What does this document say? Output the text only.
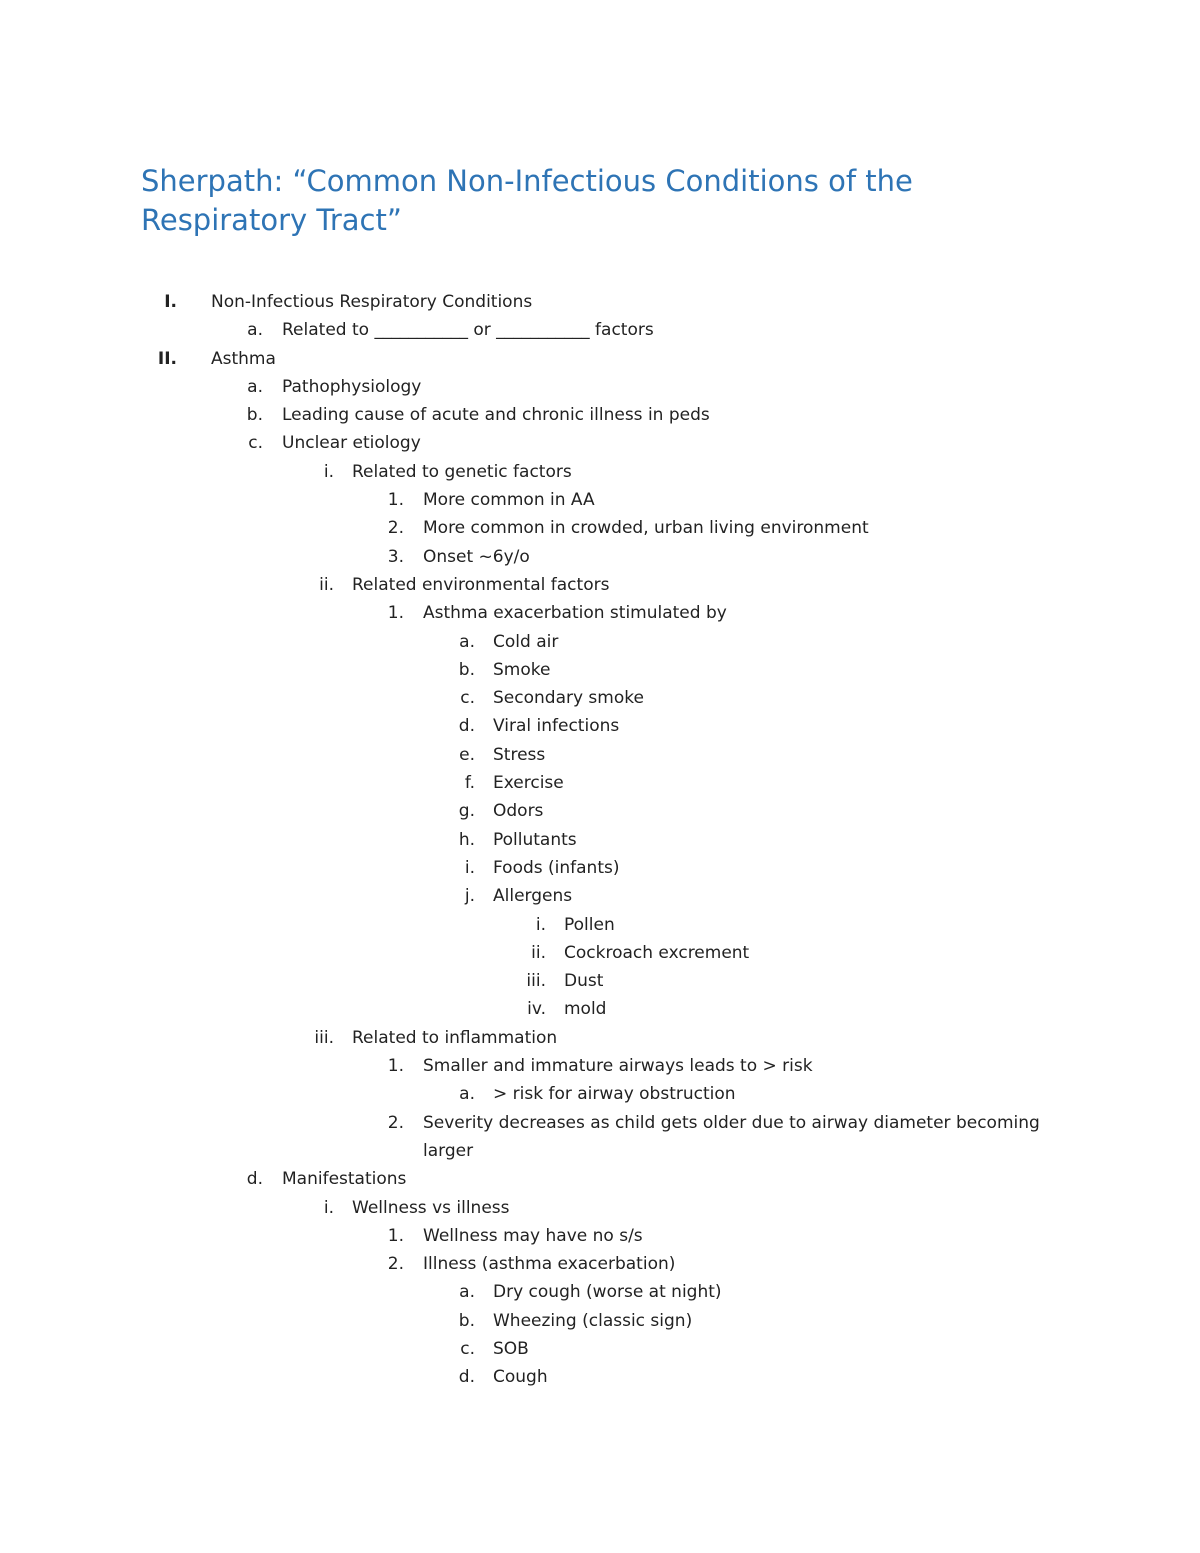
Sherpath: “Common Non-Infectious Conditions of the Respiratory Tract”
I. Non-Infectious Respiratory Conditions
a. Related to ___________ or ___________ factors
II. Asthma
a. Pathophysiology
b. Leading cause of acute and chronic illness in peds
c. Unclear etiology
i. Related to genetic factors
1. More common in AA
2. More common in crowded, urban living environment
3. Onset ~6y/o
ii. Related environmental factors
1. Asthma exacerbation stimulated by
a. Cold air
b. Smoke
c. Secondary smoke
d. Viral infections
e. Stress
f. Exercise
g. Odors
h. Pollutants
i. Foods (infants)
j. Allergens
i. Pollen
ii. Cockroach excrement
iii. Dust
iv. mold
iii. Related to inflammation
1. Smaller and immature airways leads to > risk
a. > risk for airway obstruction
2. Severity decreases as child gets older due to airway diameter becoming larger
d. Manifestations
i. Wellness vs illness
1. Wellness may have no s/s
2. Illness (asthma exacerbation)
a. Dry cough (worse at night)
b. Wheezing (classic sign)
c. SOB
d. Cough
